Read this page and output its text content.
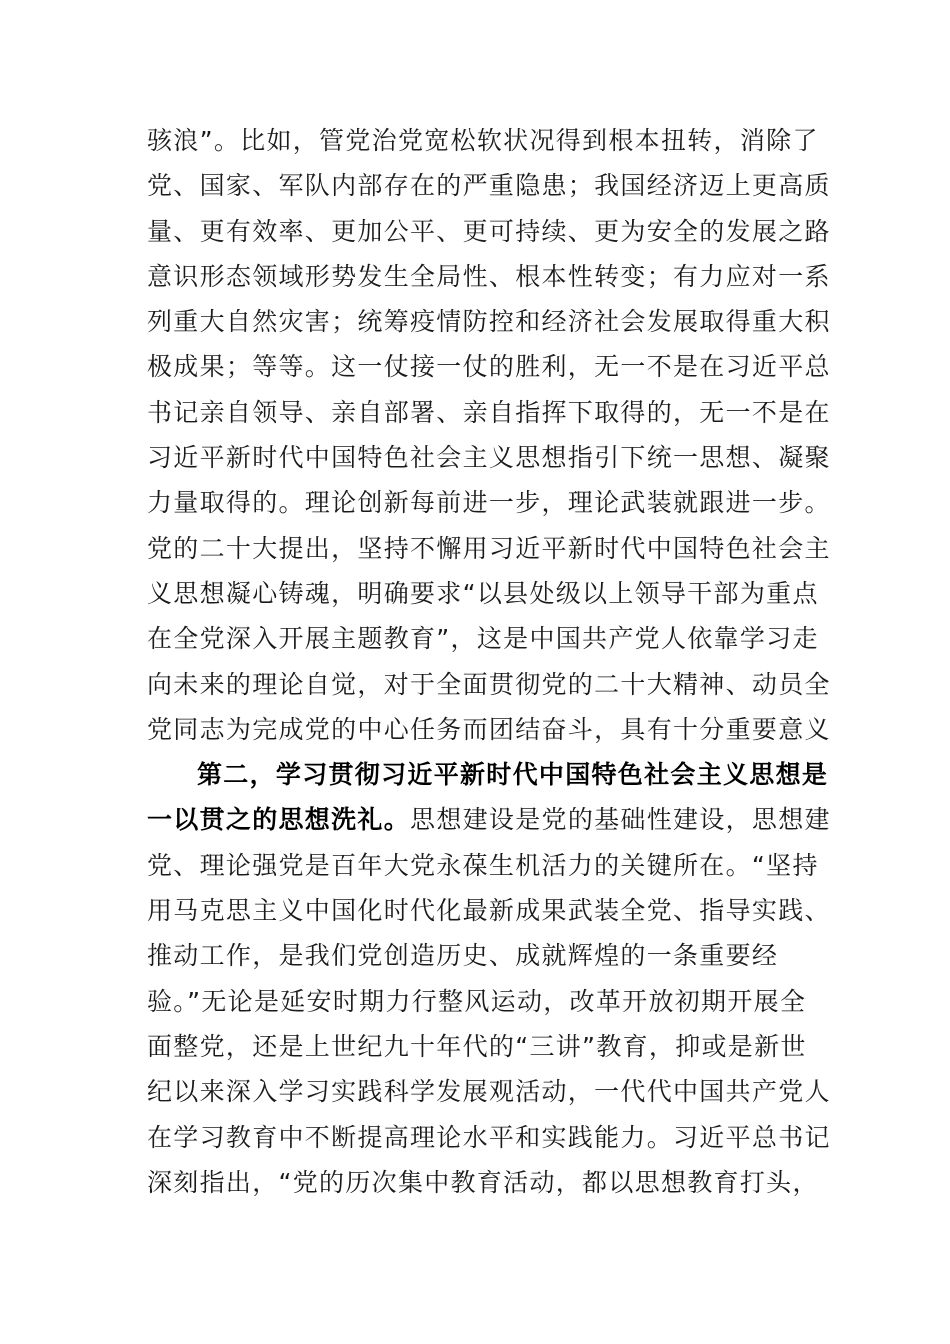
骇浪”。比如，管党治党宽松软状况得到根本扭转，消除了
党、国家、军队内部存在的严重隐患；我国经济迈上更高质
量、更有效率、更加公平、更可持续、更为安全的发展之路
意识形态领域形势发生全局性、根本性转变；有力应对一系
列重大自然灾害；统筹疫情防控和经济社会发展取得重大积
极成果；等等。这一仗接一仗的胜利，无一不是在习近平总
书记亲自领导、亲自部署、亲自指挥下取得的，无一不是在
习近平新时代中国特色社会主义思想指引下统一思想、凝聚
力量取得的。理论创新每前进一步，理论武装就跟进一步。
党的二十大提出，坚持不懈用习近平新时代中国特色社会主
义思想凝心铸魂，明确要求“以县处级以上领导干部为重点
在全党深入开展主题教育”，这是中国共产党人依靠学习走
向未来的理论自觉，对于全面贯彻党的二十大精神、动员全
党同志为完成党的中心任务而团结奋斗，具有十分重要意义
第二，学习贯彻习近平新时代中国特色社会主义思想是
一以贯之的思想洗礼。思想建设是党的基础性建设，思想建
党、理论强党是百年大党永葆生机活力的关键所在。“坚持
用马克思主义中国化时代化最新成果武装全党、指导实践、
推动工作，是我们党创造历史、成就辉煌的一条重要经
验。”无论是延安时期力行整风运动，改革开放初期开展全
面整党，还是上世纪九十年代的“三讲”教育，抑或是新世
纪以来深入学习实践科学发展观活动，一代代中国共产党人
在学习教育中不断提高理论水平和实践能力。习近平总书记
深刻指出，“党的历次集中教育活动，都以思想教育打头，
